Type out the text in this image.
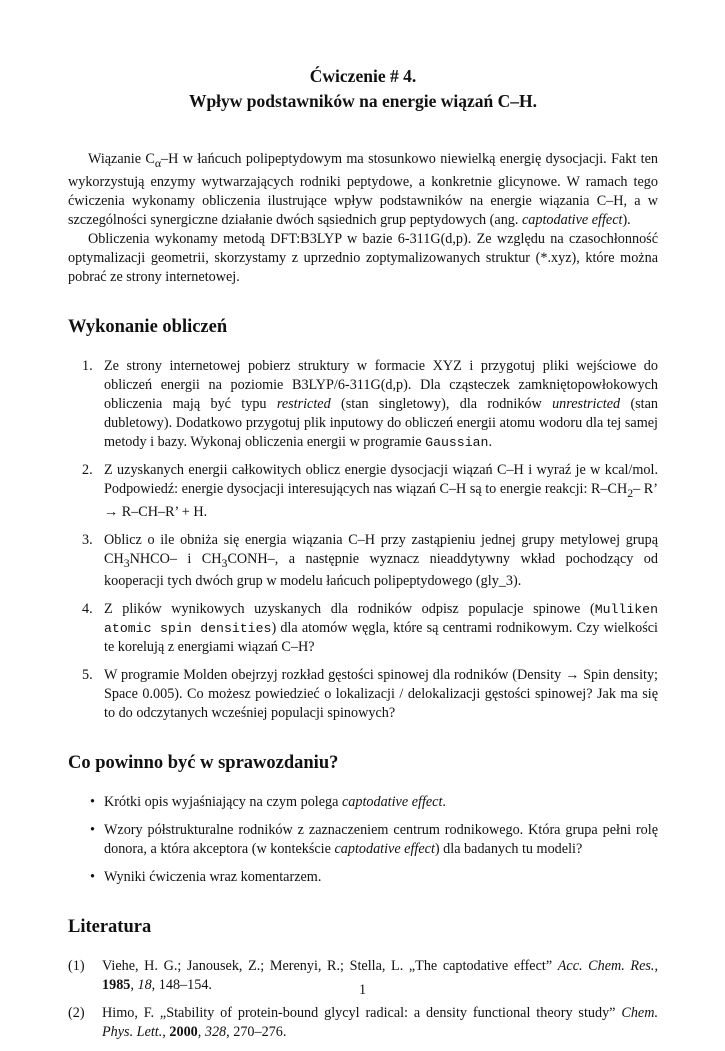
Ćwiczenie # 4.
Wpływ podstawników na energie wiązań C–H.

Wiązanie $C_\alpha-H$ w łańcuch polipeptydowym ma stosunkowo niewielką energię dysocjacji. Fakt ten wykorzystują enzymy wytwarzających rodniki peptydowe, a konkretnie glicynowe. W ramach tego ćwiczenia wykonamy obliczenia ilustrujące wpływ podstawników na energie wiązania C–H, a w szczególności synergiczne działanie dwóch sąsiednich grup peptydowych (ang. captodative effect).

Obliczenia wykonamy metodą DFT:B3LYP w bazie 6-311G(d,p). Ze względu na czasochłonność optymalizacji geometrii, skorzystamy z uprzednio zoptymalizowanych struktur (*.xyz), które można pobrać ze strony internetowej.

Wykonanie obliczeń
1. Ze strony internetowej pobierz struktury w formacie XYZ i przygotuj pliki wejściowe do obliczeń energii na poziomie B3LYP/6-311G(d,p). Dla cząsteczek zamkniętopowłokowych obliczenia mają być typu restricted (stan singletowy), dla rodników unrestricted (stan dubletowy). Dodatkowo przygotuj plik inputowy do obliczeń energii atomu wodoru dla tej samej metody i bazy. Wykonaj obliczenia energii w programie Gaussian.
2. Z uzyskanych energii całkowitych oblicz energie dysocjacji wiązań C–H i wyraź je w kcal/mol. Podpowiedź: energie dysocjacji interesujących nas wiązań C–H są to energie reakcji: $R-CH_2-$ R’ → R–CH–R’ + H.
3. Oblicz o ile obniża się energia wiązania C–H przy zastąpieniu jednej grupy metylowej grupą $CH_3NHCO-$ i $CH_3CONH-$, a następnie wyznacz nieaddytywny wkład pochodzący od kooperacji tych dwóch grup w modelu łańcuch polipeptydowego (gly_3).
4. Z plików wynikowych uzyskanych dla rodników odpisz populacje spinowe (Mulliken atomic spin densities) dla atomów węgla, które są centrami rodnikowym. Czy wielkości te korelują z energiami wiązań C–H?
5. W programie Molden obejrzyj rozkład gęstości spinowej dla rodników (Density → Spin density; Space 0.005). Co możesz powiedzieć o lokalizacji / delokalizacji gęstości spinowej? Jak ma się to do odczytanych wcześniej populacji spinowych?
Co powinno być w sprawozdaniu?
• Krótki opis wyjaśniający na czym polega captodative effect.
• Wzory półstrukturalne rodników z zaznaczeniem centrum rodnikowego. Która grupa pełni rolę donora, a która akceptora (w kontekście captodative effect) dla badanych tu modeli?
• Wyniki ćwiczenia wraz komentarzem.
Literatura
(1) Viehe, H. G.; Janousek, Z.; Merenyi, R.; Stella, L. „The captodative effect” Acc. Chem. Res., 1985, 18, 148–154.
(2) Himo, F. „Stability of protein-bound glycyl radical: a density functional theory study” Chem. Phys. Lett., 2000, 328, 270–276.
1
